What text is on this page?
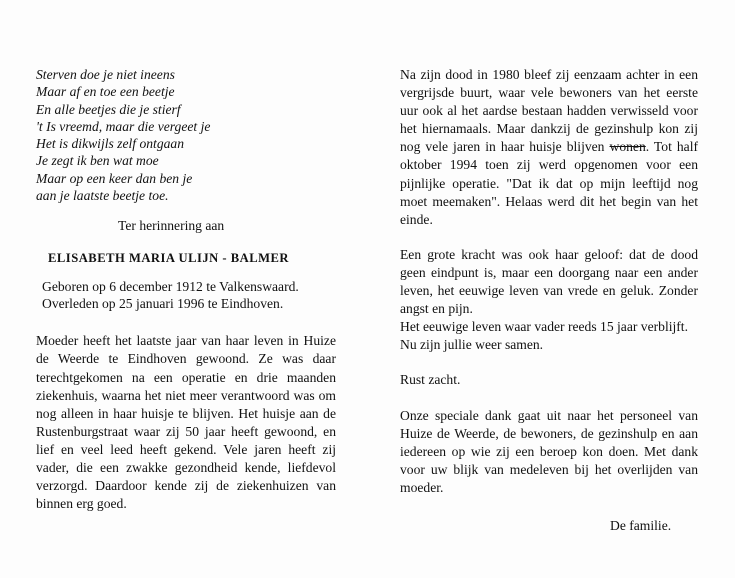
Sterven doe je niet ineens
Maar af en toe een beetje
En alle beetjes die je stierf
't Is vreemd, maar die vergeet je
Het is dikwijls zelf ontgaan
Je zegt ik ben wat moe
Maar op een keer dan ben je
aan je laatste beetje toe.
Ter herinnering aan
ELISABETH MARIA ULIJN - BALMER
Geboren op 6 december 1912 te Valkenswaard.
Overleden op 25 januari 1996 te Eindhoven.
Moeder heeft het laatste jaar van haar leven in Huize de Weerde te Eindhoven gewoond. Ze was daar terechtgekomen na een operatie en drie maanden ziekenhuis, waarna het niet meer verantwoord was om nog alleen in haar huisje te blijven. Het huisje aan de Rustenburgstraat waar zij 50 jaar heeft gewoond, en lief en veel leed heeft gekend. Vele jaren heeft zij vader, die een zwakke gezondheid kende, liefdevol verzorgd. Daardoor kende zij de ziekenhuizen van binnen erg goed.
Na zijn dood in 1980 bleef zij eenzaam achter in een vergrijsde buurt, waar vele bewoners van het eerste uur ook al het aardse bestaan hadden verwisseld voor het hiernamaals. Maar dankzij de gezinshulp kon zij nog vele jaren in haar huisje blijven wonen. Tot half oktober 1994 toen zij werd opgenomen voor een pijnlijke operatie. "Dat ik dat op mijn leeftijd nog moet meemaken". Helaas werd dit het begin van het einde.
Een grote kracht was ook haar geloof: dat de dood geen eindpunt is, maar een doorgang naar een ander leven, het eeuwige leven van vrede en geluk. Zonder angst en pijn.
Het eeuwige leven waar vader reeds 15 jaar verblijft.
Nu zijn jullie weer samen.
Rust zacht.
Onze speciale dank gaat uit naar het personeel van Huize de Weerde, de bewoners, de gezinshulp en aan iedereen op wie zij een beroep kon doen. Met dank voor uw blijk van medeleven bij het overlijden van moeder.
De familie.
